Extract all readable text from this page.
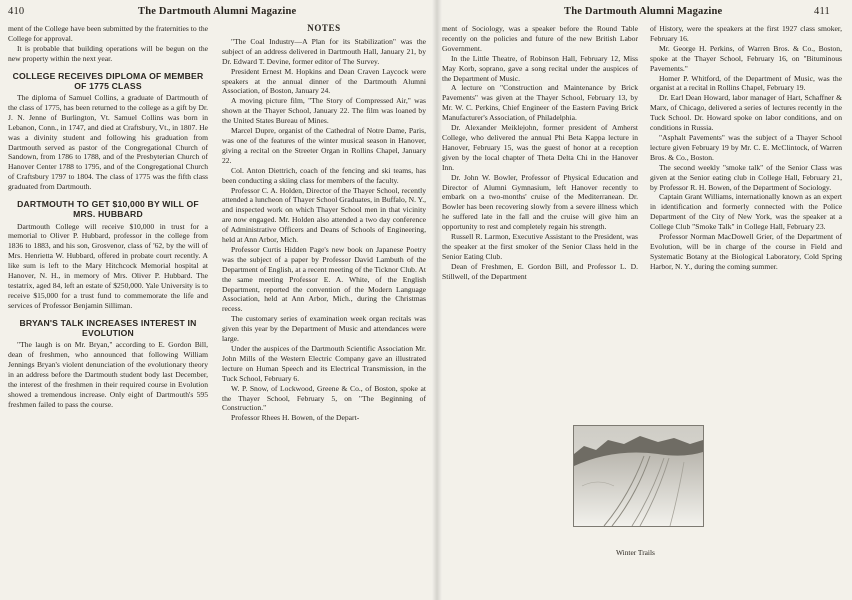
410	The Dartmouth Alumni Magazine

ment of the College have been submitted by the fraternities to the College for approval.

It is probable that building operations will be begun on the new property within the next year.

COLLEGE RECEIVES DIPLOMA OF MEMBER OF 1775 CLASS

The diploma of Samuel Collins, a graduate of Dartmouth of the class of 1775, has been returned to the college as a gift by Dr. J. N. Jenne of Burlington, Vt. Samuel Collins was born in Lebanon, Conn., in 1747, and died at Craftsbury, Vt., in 1807. He was a divinity student and following his graduation from Dartmouth served as pastor of the Congregational Church of Sandown, from 1786 to 1788, and of the Presbyterian Church of Hanover Center 1788 to 1795, and of the Congregational Church of Craftsbury 1797 to 1804. The class of 1775 was the fifth class graduated from Dartmouth.

DARTMOUTH TO GET $10,000 BY WILL OF MRS. HUBBARD

Dartmouth College will receive $10,000 in trust for a memorial to Oliver P. Hubbard, professor in the college from 1836 to 1883, and his son, Grosvenor, class of '62, by the will of Mrs. Henrietta W. Hubbard, offered in probate court recently. A like sum is left to the Mary Hitchcock Memorial hospital at Hanover, N. H., in memory of Mrs. Oliver P. Hubbard. The testatrix, aged 84, left an estate of $250,000. Yale University is to receive $15,000 for a trust fund to commemorate the life and services of Professor Benjamin Silliman.

BRYAN'S TALK INCREASES INTEREST IN EVOLUTION

"The laugh is on Mr. Bryan," according to E. Gordon Bill, dean of freshmen, who announced that following William Jennings Bryan's violent denunciation of the evolutionary theory in an address before the Dartmouth student body last December, the interest of the freshmen in their required course in Evolution showed a tremendous increase. Only eight of Dartmouth's 595 freshmen failed to pass the course.

NOTES

"The Coal Industry—A Plan for its Stabilization" was the subject of an address delivered in Dartmouth Hall, January 21, by Dr. Edward T. Devine, former editor of The Survey.

President Ernest M. Hopkins and Dean Craven Laycock were speakers at the annual dinner of the Dartmouth Alumni Association, of Boston, January 24.

A moving picture film, "The Story of Compressed Air," was shown at the Thayer School, January 22. The film was loaned by the United States Bureau of Mines.

Marcel Dupre, organist of the Cathedral of Notre Dame, Paris, was one of the features of the winter musical season in Hanover, giving a recital on the Streeter Organ in Rollins Chapel, January 22.

Col. Anton Diettrich, coach of the fencing and ski teams, has been conducting a skiing class for members of the faculty.

Professor C. A. Holden, Director of the Thayer School, recently attended a luncheon of Thayer School Graduates, in Buffalo, N. Y., and inspected work on which Thayer School men in that vicinity are now engaged. Mr. Holden also attended a two day conference of Administrative Officers and Deans of Schools of Engineering, held at Ann Arbor, Mich.

Professor Curtis Hidden Page's new book on Japanese Poetry was the subject of a paper by Professor David Lambuth of the Department of English, at a recent meeting of the Ticknor Club. At the same meeting Professor E. A. White, of the English Department, reported the convention of the Modern Language Association, held at Ann Arbor, Mich., during the Christmas recess.

The customary series of examination week organ recitals was given this year by the Department of Music and attendances were large.

Under the auspices of the Dartmouth Scientific Association Mr. John Mills of the Western Electric Company gave an illustrated lecture on Human Speech and its Electrical Transmission, in the Tuck School, February 6.

W. P. Snow, of Lockwood, Greene & Co., of Boston, spoke at the Thayer School, February 5, on "The Beginning of Construction."

Professor Rhees H. Bowen, of the Depart-

The Dartmouth Alumni Magazine	411

ment of Sociology, was a speaker before the Round Table recently on the policies and future of the new British Labor Government.

In the Little Theatre, of Robinson Hall, February 12, Miss May Korb, soprano, gave a song recital under the auspices of the Department of Music.

A lecture on "Construction and Maintenance by Brick Pavements" was given at the Thayer School, February 13, by Mr. W. C. Perkins, Chief Engineer of the Eastern Paving Brick Manufacturer's Association, of Philadelphia.

Dr. Alexander Meiklejohn, former president of Amherst College, who delivered the annual Phi Beta Kappa lecture in Hanover, February 15, was the guest of honor at a reception given by the local chapter of Theta Delta Chi in the Hanover Inn.

Dr. John W. Bowler, Professor of Physical Education and Director of Alumni Gymnasium, left Hanover recently to embark on a two-months' cruise of the Mediterranean. Dr. Bowler has been recovering slowly from a severe illness which he suffered late in the fall and the cruise will give him an opportunity to rest and completely regain his strength.

Russell R. Larmon, Executive Assistant to the President, was the speaker at the first smoker of the Senior Class held in the Senior Eating Club.

Dean of Freshmen, E. Gordon Bill, and Professor L. D. Stillwell, of the Department

of History, were the speakers at the first 1927 class smoker, February 16.

Mr. George H. Perkins, of Warren Bros. & Co., Boston, spoke at the Thayer School, February 16, on "Bituminous Pavements."

Homer P. Whitford, of the Department of Music, was the organist at a recital in Rollins Chapel, February 19.

Dr. Earl Dean Howard, labor manager of Hart, Schaffner & Marx, of Chicago, delivered a series of lectures recently in the Tuck School. Dr. Howard spoke on labor conditions, and on conditions in Russia.

"Asphalt Pavements" was the subject of a Thayer School lecture given February 19 by Mr. C. E. McClintock, of Warren Bros. & Co., Boston.

The second weekly "smoke talk" of the Senior Class was given at the Senior eating club in College Hall, February 21, by Professor R. H. Bowen, of the Department of Sociology.

Captain Grant Williams, internationally known as an expert in identification and formerly connected with the Police Department of the City of New York, was the speaker at a College Club "Smoke Talk" in College Hall, February 23.

Professor Norman MacDowell Grier, of the Department of Evolution, will be in charge of the course in Field and Systematic Botany at the Biological Laboratory, Cold Spring Harbor, N. Y., during the coming summer.

Winter Trails
